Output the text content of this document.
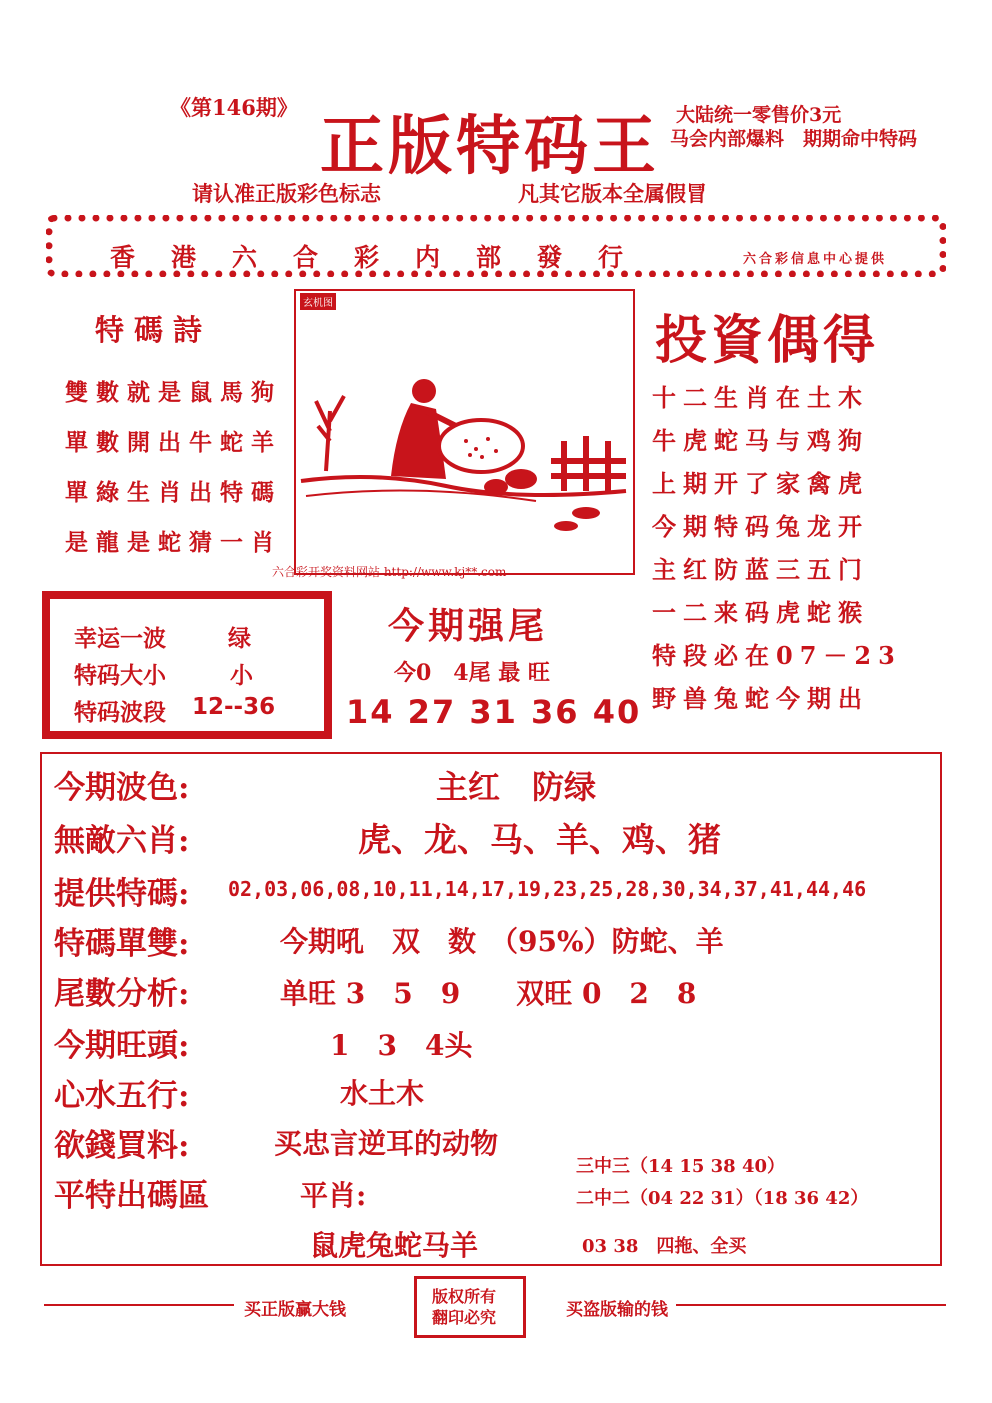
《第146期》
正版特码王 大陆统一零售价3元
马会内部爆料　期期命中特码
请认准正版彩色标志	凡其它版本全属假冒
香港六合彩内部發行	六合彩信息中心提供
特碼詩
雙數就是鼠馬狗
單數開出牛蛇羊
單綠生肖出特碼
是龍是蛇猜一肖
玄机图
六合彩开奖资料网站 http://www.kj**.com
投資偶得
十二生肖在土木
牛虎蛇马与鸡狗
上期开了家禽虎
今期特码兔龙开
主红防蓝三五门
一二来码虎蛇猴
特段必在07－23
野兽兔蛇今期出
幸运一波	绿
特码大小	小
特码波段 12--36
今期强尾
今0　4尾 最 旺
14 27 31 36 40
今期波色:	主红　防绿
無敵六肖:	虎、龙、马、羊、鸡、猪
提供特碼: 02,03,06,08,10,11,14,17,19,23,25,28,30,34,37,41,44,46
特碼單雙:	今期吼　双　数　（95%）防蛇、羊
尾數分析:	单旺 3　5　9　　双旺 0　2　8
今期旺頭:	1　3　4头
心水五行:	水土木
欲錢買料:	买忠言逆耳的动物
平特出碼區	平肖:
鼠虎兔蛇马羊
三中三（14 15 38 40）
二中二（04 22 31）（18 36 42）
03 38　四拖、全买
买正版赢大钱
版权所有
翻印必究	买盗版输的钱
